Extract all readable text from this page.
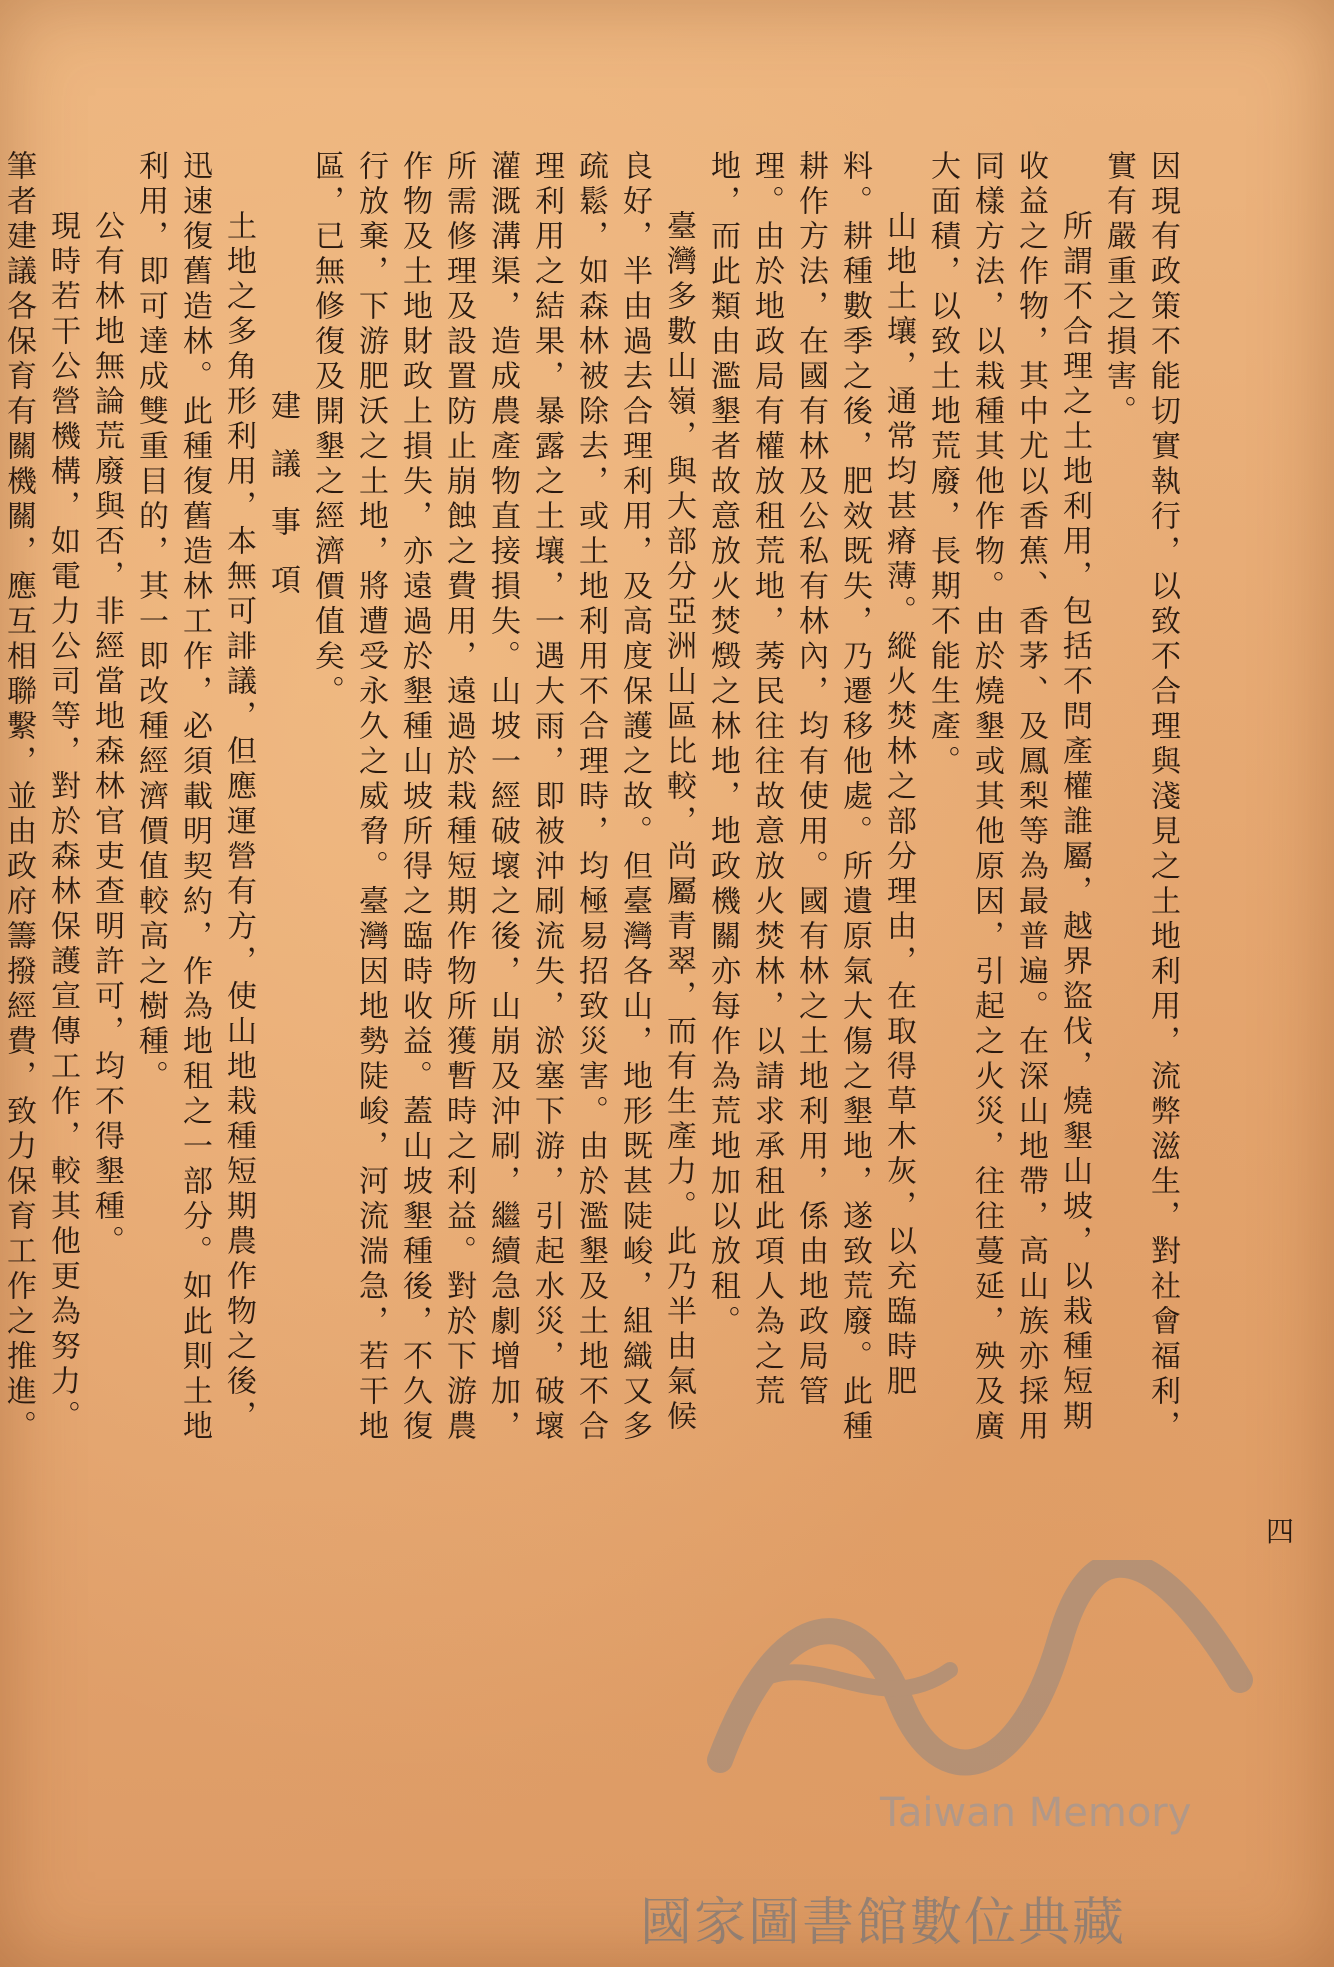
四

因現有政策不能切實執行，以致不合理與淺見之土地利用，流弊滋生，對社會福利，實有嚴重之損害。

所謂不合理之土地利用，包括不問產權誰屬，越界盜伐，燒墾山坡，以栽種短期收益之作物，其中尤以香蕉、香茅、及鳳梨等為最普遍。在深山地帶，高山族亦採用同樣方法，以栽種其他作物。由於燒墾或其他原因，引起之火災，往往蔓延，殃及廣大面積，以致土地荒廢，長期不能生產。

山地土壤，通常均甚瘠薄。縱火焚林之部分理由，在取得草木灰，以充臨時肥料。耕種數季之後，肥效既失，乃遷移他處。所遺原氣大傷之墾地，遂致荒廢。此種耕作方法，在國有林及公私有林內，均有使用。國有林之土地利用，係由地政局管理。由於地政局有權放租荒地，莠民往往故意放火焚林，以請求承租此項人為之荒地，而此類由濫墾者故意放火焚燬之林地，地政機關亦每作為荒地加以放租。

臺灣多數山嶺，與大部分亞洲山區比較，尚屬青翠，而有生產力。此乃半由氣候良好，半由過去合理利用，及高度保護之故。但臺灣各山，地形既甚陡峻，組織又多疏鬆，如森林被除去，或土地利用不合理時，均極易招致災害。由於濫墾及土地不合理利用之結果，暴露之土壤，一遇大雨，即被沖刷流失，淤塞下游，引起水災，破壞灌溉溝渠，造成農產物直接損失。山坡一經破壞之後，山崩及沖刷，繼續急劇增加，所需修理及設置防止崩蝕之費用，遠過於栽種短期作物所獲暫時之利益。對於下游農作物及土地財政上損失，亦遠過於墾種山坡所得之臨時收益。蓋山坡墾種後，不久復行放棄，下游肥沃之土地，將遭受永久之威脅。臺灣因地勢陡峻，河流湍急，若干地區，已無修復及開墾之經濟價值矣。

建議事項

土地之多角形利用，本無可誹議，但應運營有方，使山地栽種短期農作物之後，迅速復舊造林。此種復舊造林工作，必須載明契約，作為地租之一部分。如此則土地利用，即可達成雙重目的，其一即改種經濟價值較高之樹種。

公有林地無論荒廢與否，非經當地森林官吏查明許可，均不得墾種。

現時若干公營機構，如電力公司等，對於森林保護宣傳工作，較其他更為努力。筆者建議各保育有關機關，應互相聯繫，並由政府籌撥經費，致力保育工作之推進。

Taiwan Memory
國家圖書館數位典藏
